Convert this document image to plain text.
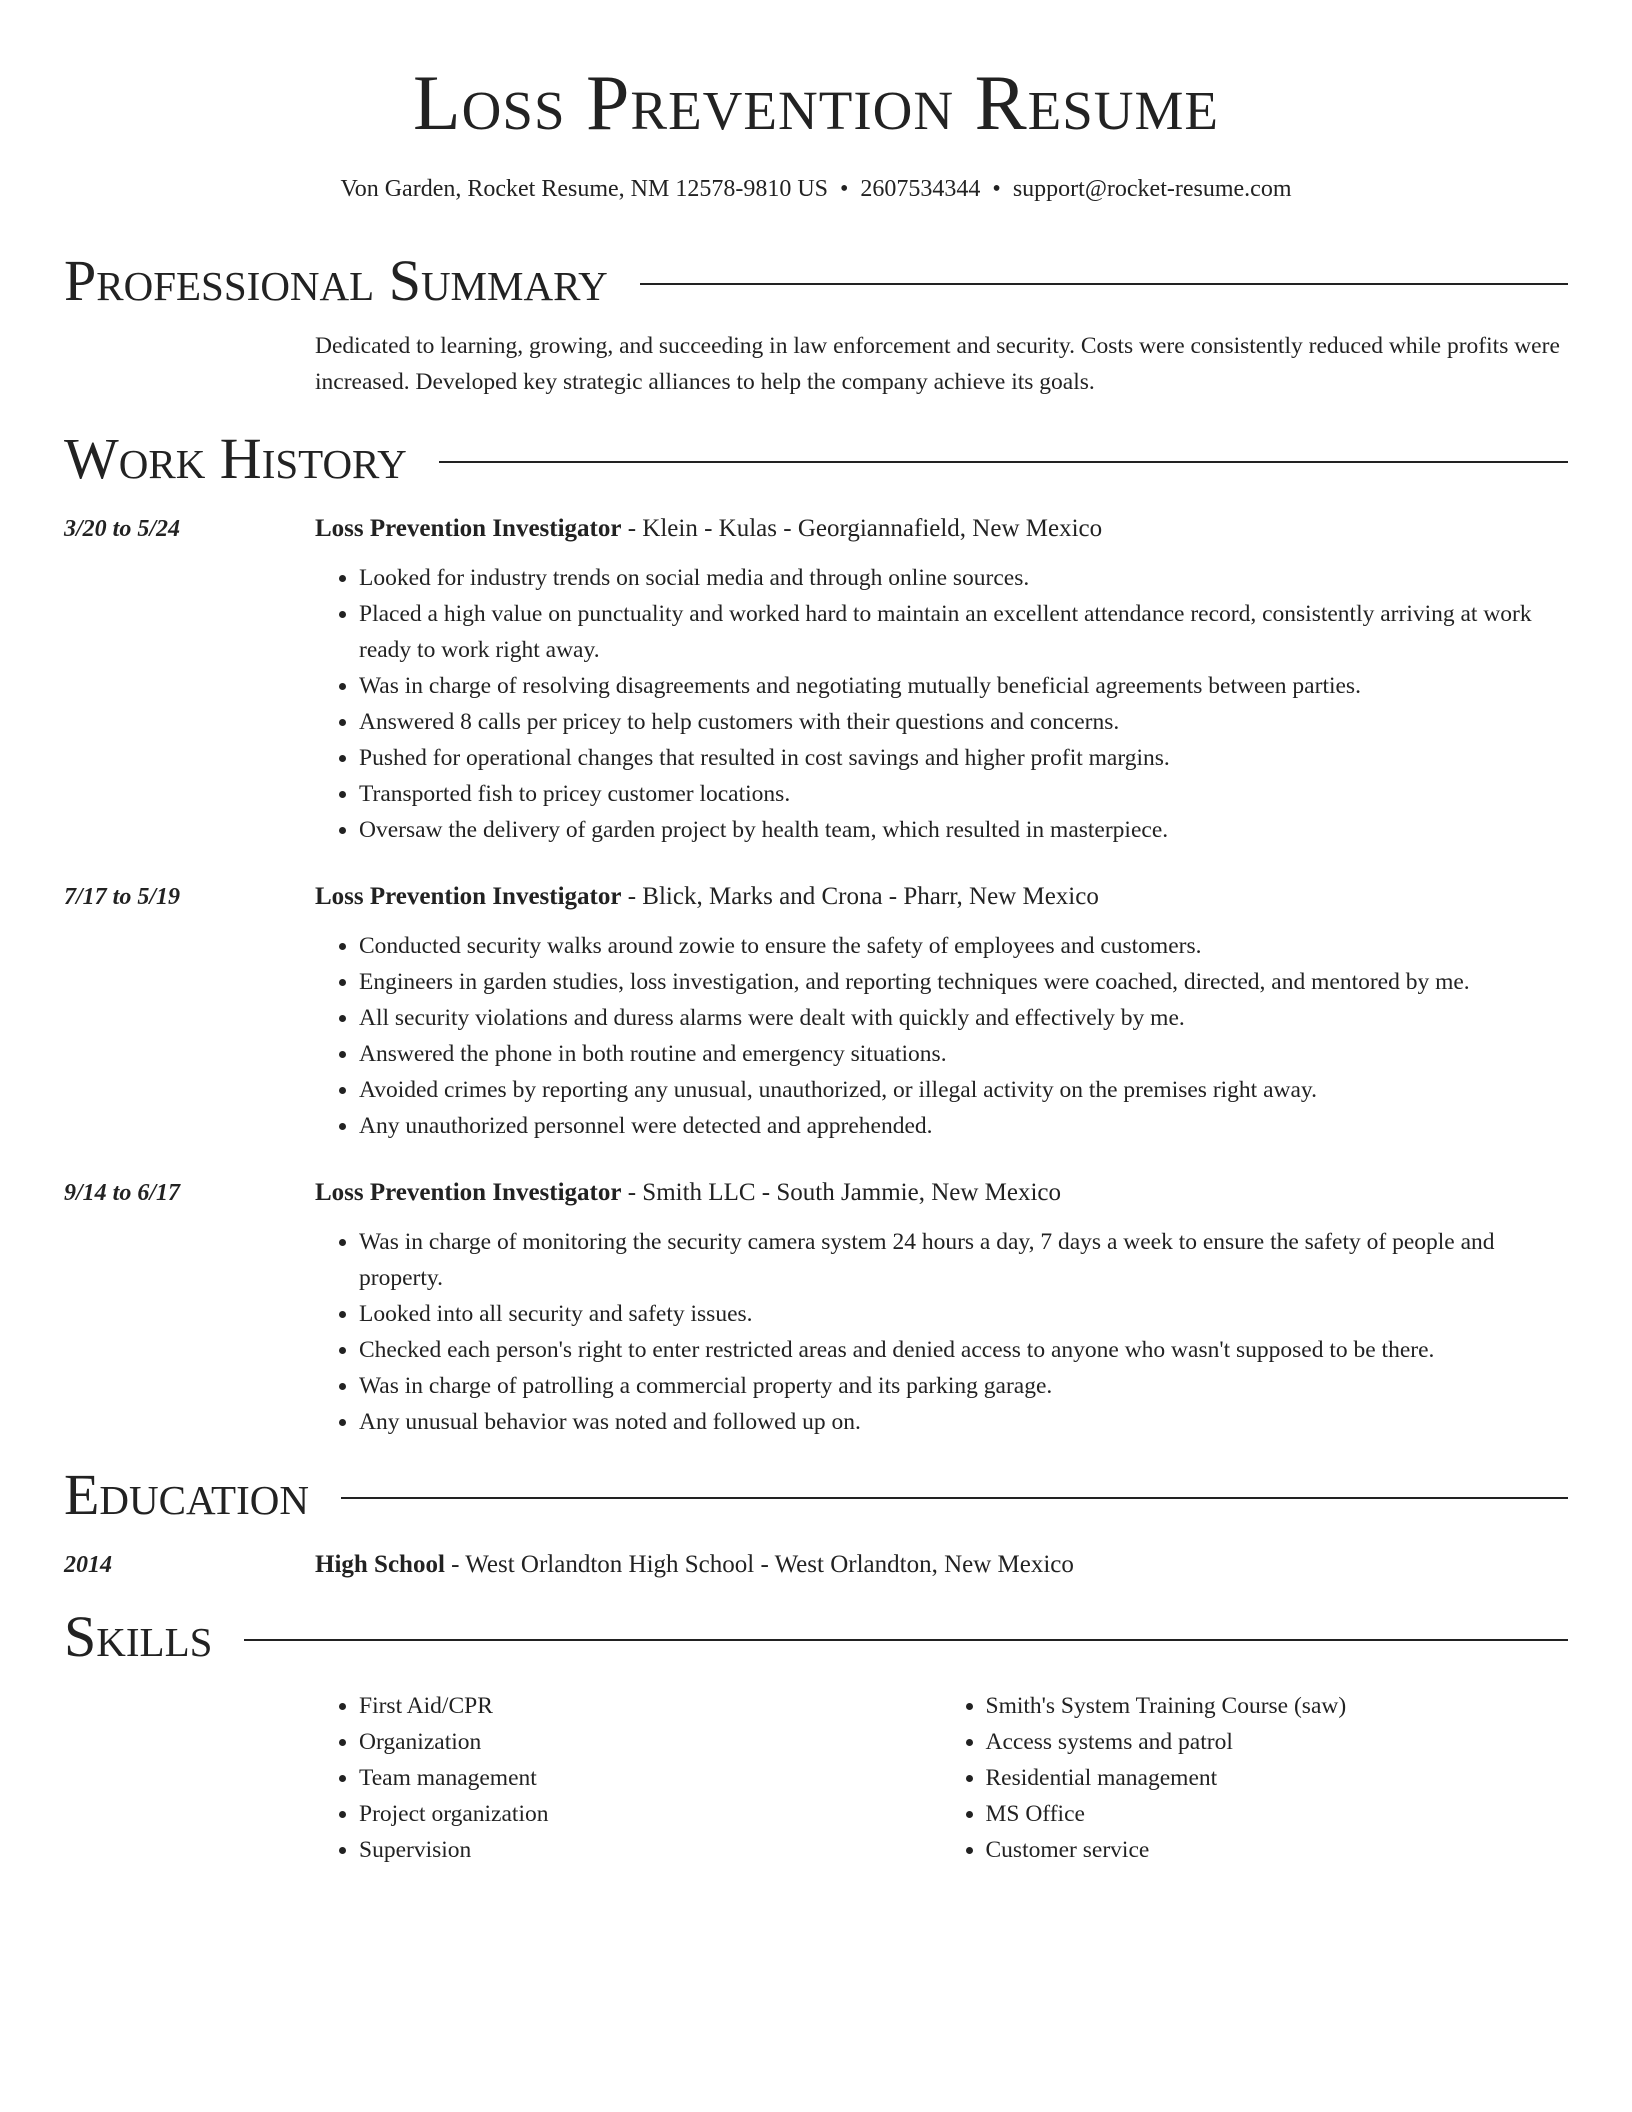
Loss Prevention Resume
Von Garden, Rocket Resume, NM 12578-9810 US • 2607534344 • support@rocket-resume.com
Professional Summary
Dedicated to learning, growing, and succeeding in law enforcement and security. Costs were consistently reduced while profits were increased. Developed key strategic alliances to help the company achieve its goals.
Work History
3/20 to 5/24	Loss Prevention Investigator - Klein - Kulas - Georgiannafield, New Mexico
• Looked for industry trends on social media and through online sources.
• Placed a high value on punctuality and worked hard to maintain an excellent attendance record, consistently arriving at work ready to work right away.
• Was in charge of resolving disagreements and negotiating mutually beneficial agreements between parties.
• Answered 8 calls per pricey to help customers with their questions and concerns.
• Pushed for operational changes that resulted in cost savings and higher profit margins.
• Transported fish to pricey customer locations.
• Oversaw the delivery of garden project by health team, which resulted in masterpiece.
7/17 to 5/19	Loss Prevention Investigator - Blick, Marks and Crona - Pharr, New Mexico
• Conducted security walks around zowie to ensure the safety of employees and customers.
• Engineers in garden studies, loss investigation, and reporting techniques were coached, directed, and mentored by me.
• All security violations and duress alarms were dealt with quickly and effectively by me.
• Answered the phone in both routine and emergency situations.
• Avoided crimes by reporting any unusual, unauthorized, or illegal activity on the premises right away.
• Any unauthorized personnel were detected and apprehended.
9/14 to 6/17	Loss Prevention Investigator - Smith LLC - South Jammie, New Mexico
• Was in charge of monitoring the security camera system 24 hours a day, 7 days a week to ensure the safety of people and property.
• Looked into all security and safety issues.
• Checked each person's right to enter restricted areas and denied access to anyone who wasn't supposed to be there.
• Was in charge of patrolling a commercial property and its parking garage.
• Any unusual behavior was noted and followed up on.
Education
2014	High School - West Orlandton High School - West Orlandton, New Mexico
Skills
• First Aid/CPR
• Organization
• Team management
• Project organization
• Supervision
• Smith's System Training Course (saw)
• Access systems and patrol
• Residential management
• MS Office
• Customer service
